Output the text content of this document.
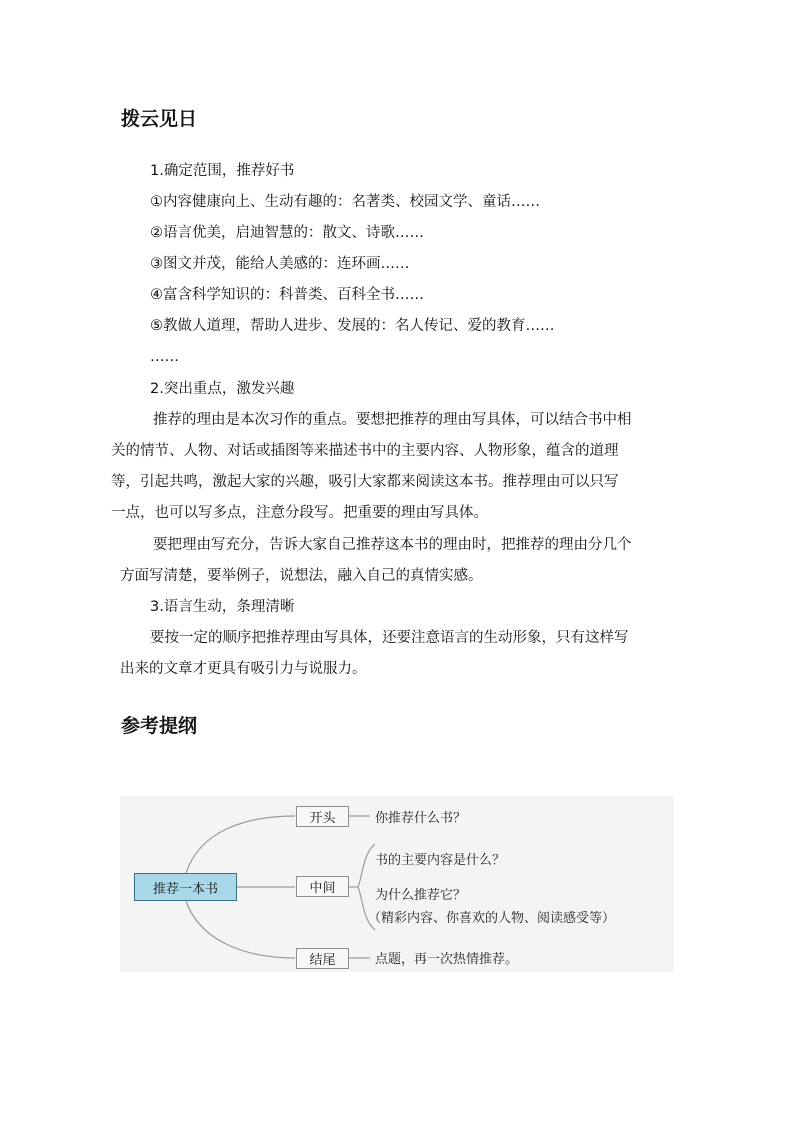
拨云见日
1.确定范围，推荐好书
①内容健康向上、生动有趣的：名著类、校园文学、童话……
②语言优美，启迪智慧的：散文、诗歌……
③图文并茂，能给人美感的：连环画……
④富含科学知识的：科普类、百科全书……
⑤教做人道理，帮助人进步、发展的：名人传记、爱的教育……
……
2.突出重点，激发兴趣
推荐的理由是本次习作的重点。要想把推荐的理由写具体，可以结合书中相
关的情节、人物、对话或插图等来描述书中的主要内容、人物形象，蕴含的道理
等，引起共鸣，激起大家的兴趣，吸引大家都来阅读这本书。推荐理由可以只写
一点，也可以写多点，注意分段写。把重要的理由写具体。
要把理由写充分，告诉大家自己推荐这本书的理由时，把推荐的理由分几个
方面写清楚，要举例子，说想法，融入自己的真情实感。
3.语言生动，条理清晰
要按一定的顺序把推荐理由写具体，还要注意语言的生动形象，只有这样写
出来的文章才更具有吸引力与说服力。
参考提纲
推荐一本书
开头
中间
结尾
你推荐什么书？
书的主要内容是什么？
为什么推荐它？
（精彩内容、你喜欢的人物、阅读感受等）
点题，再一次热情推荐。
